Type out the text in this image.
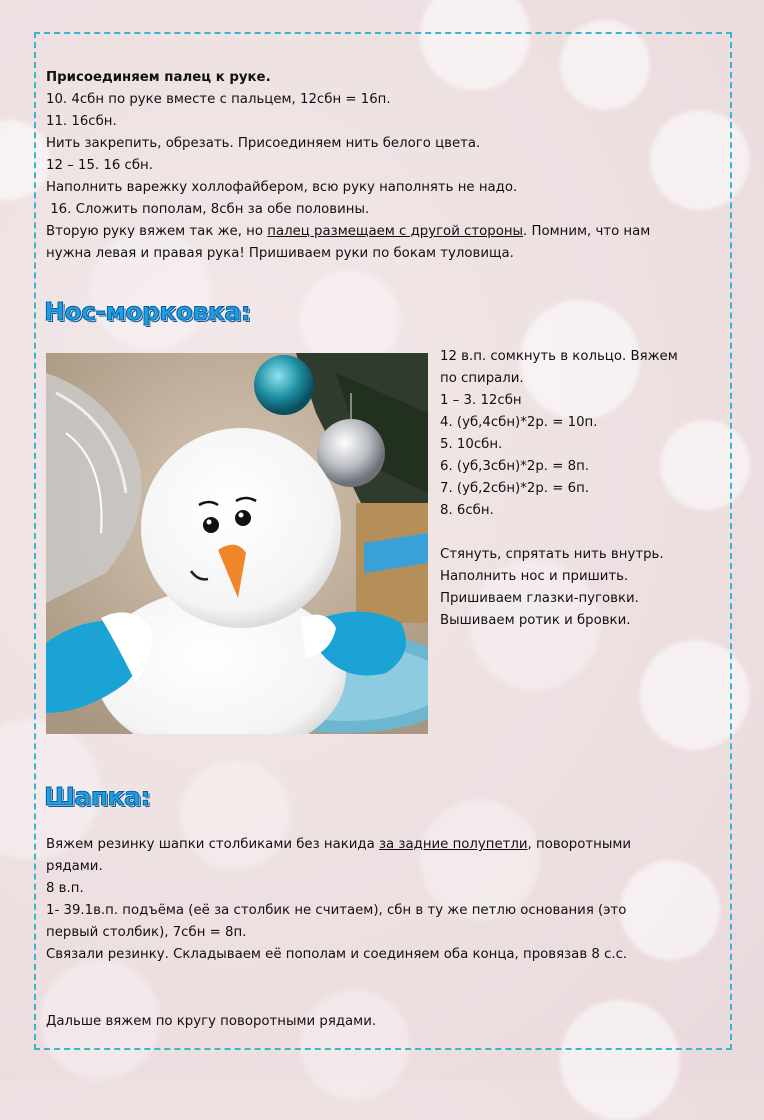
Присоединяем палец к руке.
10. 4сбн по руке вместе с пальцем, 12сбн = 16п.
11. 16сбн.
Нить закрепить, обрезать. Присоединяем нить белого цвета.
12 – 15. 16 сбн.
Наполнить варежку холлофайбером, всю руку наполнять не надо.
16. Сложить пополам, 8сбн за обе половины.
Вторую руку вяжем так же, но палец размещаем с другой стороны. Помним, что нам
нужна левая и правая рука! Пришиваем руки по бокам туловища.
Нос-морковка:
12 в.п. сомкнуть в кольцо. Вяжем
по спирали.
1 – 3. 12сбн
4. (уб,4сбн)*2р. = 10п.
5. 10сбн.
6. (уб,3сбн)*2р. = 8п.
7. (уб,2сбн)*2р. = 6п.
8. 6сбн.
Стянуть, спрятать нить внутрь.
Наполнить нос и пришить.
Пришиваем глазки-пуговки.
Вышиваем ротик и бровки.
Шапка:
Вяжем резинку шапки столбиками без накида за задние полупетли, поворотными
рядами.
8 в.п.
1- 39.1в.п. подъёма (её за столбик не считаем), сбн в ту же петлю основания (это
первый столбик), 7сбн = 8п.
Связали резинку. Складываем её пополам и соединяем оба конца, провязав 8 с.с.
Дальше вяжем по кругу поворотными рядами.
